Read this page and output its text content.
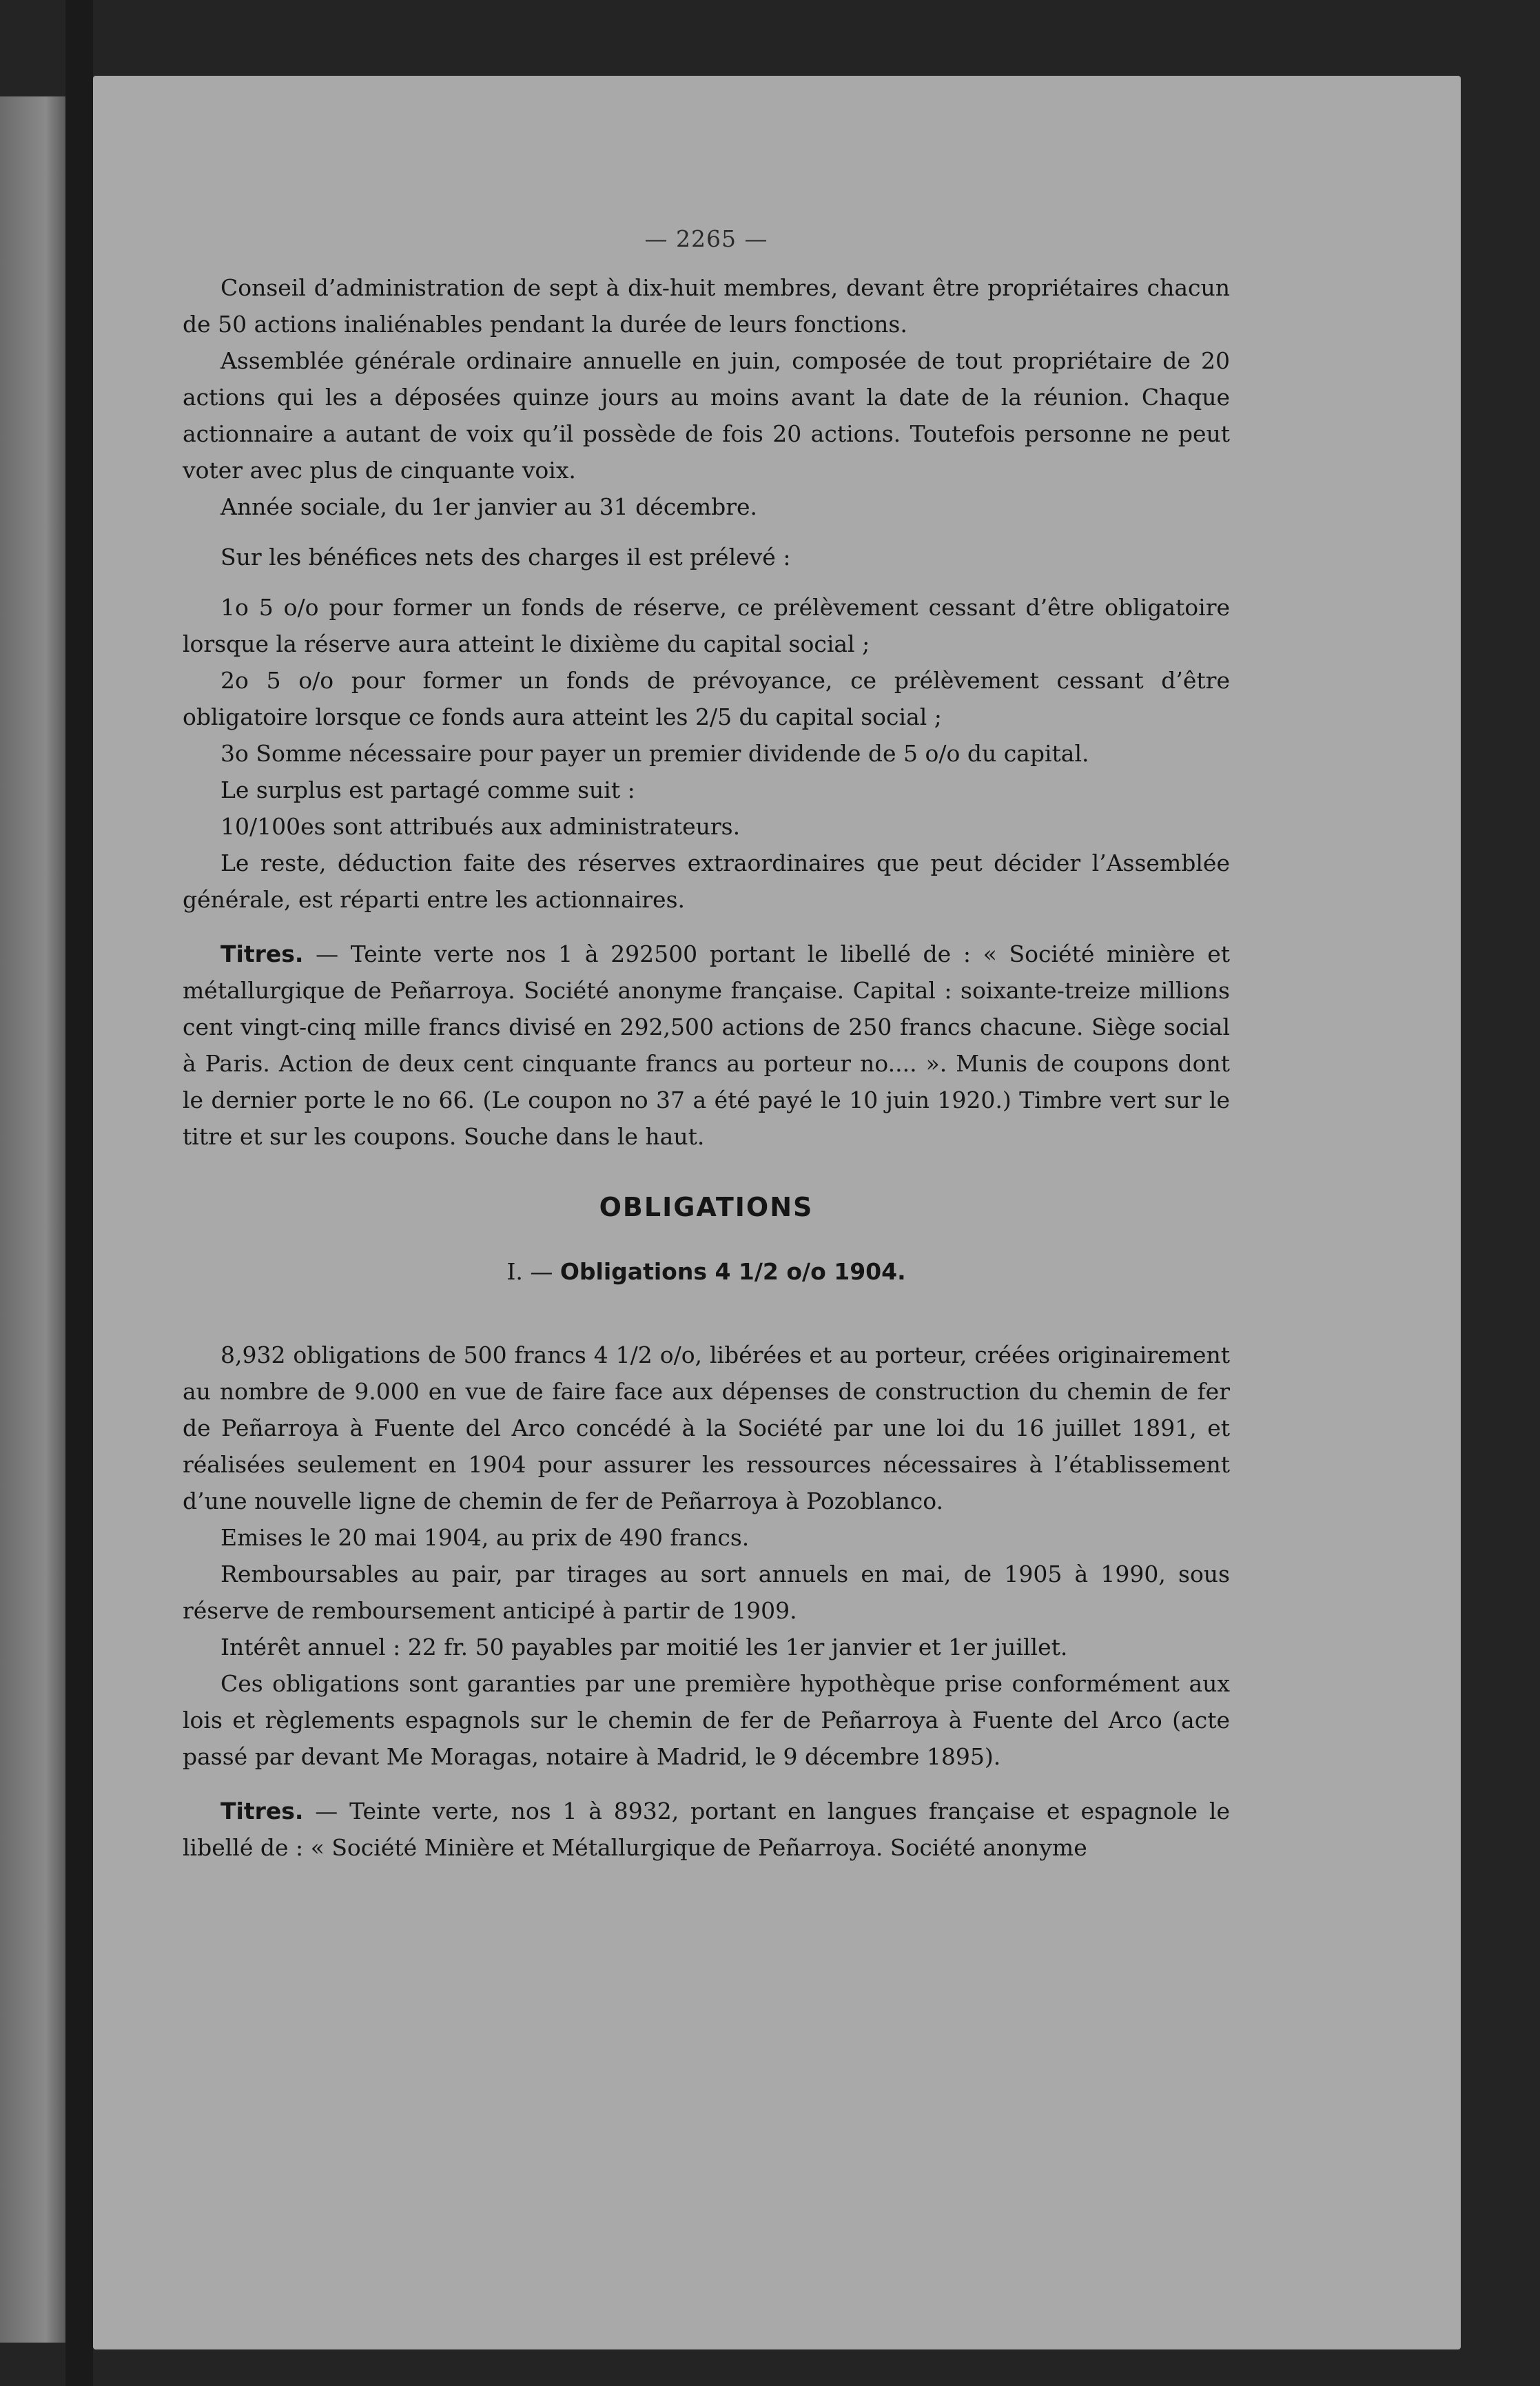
— 2265 —

Conseil d’administration de sept à dix-huit membres, devant être propriétaires chacun de 50 actions inaliénables pendant la durée de leurs fonctions.

Assemblée générale ordinaire annuelle en juin, composée de tout propriétaire de 20 actions qui les a déposées quinze jours au moins avant la date de la réunion. Chaque actionnaire a autant de voix qu’il possède de fois 20 actions. Toutefois personne ne peut voter avec plus de cinquante voix.

Année sociale, du 1er janvier au 31 décembre.

Sur les bénéfices nets des charges il est prélevé :

1o 5 o/o pour former un fonds de réserve, ce prélèvement cessant d’être obligatoire lorsque la réserve aura atteint le dixième du capital social ;

2o 5 o/o pour former un fonds de prévoyance, ce prélèvement cessant d’être obligatoire lorsque ce fonds aura atteint les 2/5 du capital social ;

3o Somme nécessaire pour payer un premier dividende de 5 o/o du capital.

Le surplus est partagé comme suit :

10/100es sont attribués aux administrateurs.

Le reste, déduction faite des réserves extraordinaires que peut décider l’Assemblée générale, est réparti entre les actionnaires.

Titres. — Teinte verte nos 1 à 292500 portant le libellé de : « Société minière et métallurgique de Peñarroya. Société anonyme française. Capital : soixante-treize millions cent vingt-cinq mille francs divisé en 292,500 actions de 250 francs chacune. Siège social à Paris. Action de deux cent cinquante francs au porteur no.... ». Munis de coupons dont le dernier porte le no 66. (Le coupon no 37 a été payé le 10 juin 1920.) Timbre vert sur le titre et sur les coupons. Souche dans le haut.

OBLIGATIONS
I. — Obligations 4 1/2 o/o 1904.

8,932 obligations de 500 francs 4 1/2 o/o, libérées et au porteur, créées originairement au nombre de 9.000 en vue de faire face aux dépenses de construction du chemin de fer de Peñarroya à Fuente del Arco concédé à la Société par une loi du 16 juillet 1891, et réalisées seulement en 1904 pour assurer les ressources nécessaires à l’établissement d’une nouvelle ligne de chemin de fer de Peñarroya à Pozoblanco.

Emises le 20 mai 1904, au prix de 490 francs.

Remboursables au pair, par tirages au sort annuels en mai, de 1905 à 1990, sous réserve de remboursement anticipé à partir de 1909.

Intérêt annuel : 22 fr. 50 payables par moitié les 1er janvier et 1er juillet.

Ces obligations sont garanties par une première hypothèque prise conformément aux lois et règlements espagnols sur le chemin de fer de Peñarroya à Fuente del Arco (acte passé par devant Me Moragas, notaire à Madrid, le 9 décembre 1895).

Titres. — Teinte verte, nos 1 à 8932, portant en langues française et espagnole le libellé de : « Société Minière et Métallurgique de Peñarroya. Société anonyme
